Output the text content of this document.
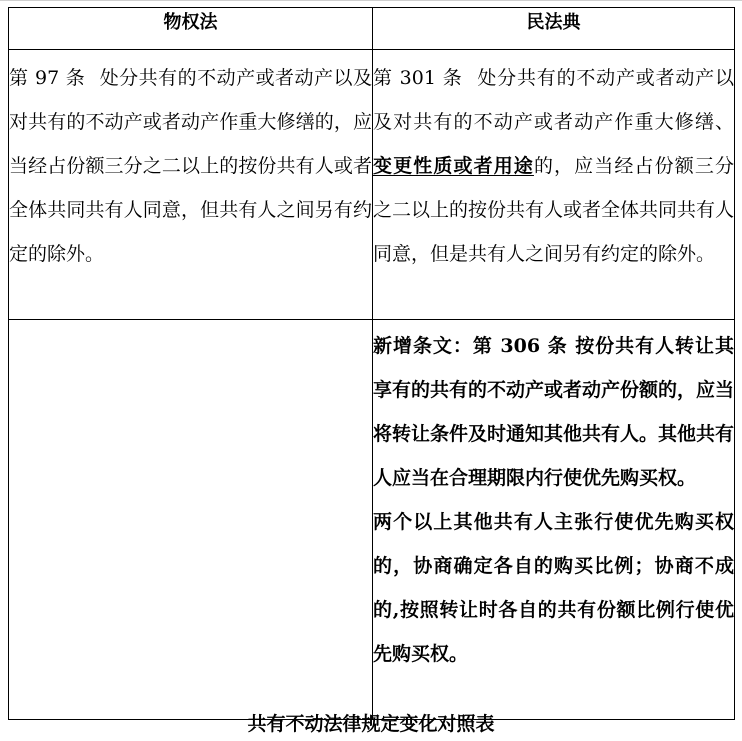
物权法	民法典
第 97 条 处分共有的不动产或者动产以及对共有的不动产或者动产作重大修缮的，应当经占份额三分之二以上的按份共有人或者全体共同共有人同意，但共有人之间另有约定的除外。	第 301 条 处分共有的不动产或者动产以及对共有的不动产或者动产作重大修缮、变更性质或者用途的，应当经占份额三分之二以上的按份共有人或者全体共同共有人同意，但是共有人之间另有约定的除外。

	新增条文：第 306 条 按份共有人转让其享有的共有的不动产或者动产份额的，应当将转让条件及时通知其他共有人。其他共有人应当在合理期限内行使优先购买权。
两个以上其他共有人主张行使优先购买权的，协商确定各自的购买比例；协商不成的,按照转让时各自的共有份额比例行使优先购买权。
共有不动法律规定变化对照表
